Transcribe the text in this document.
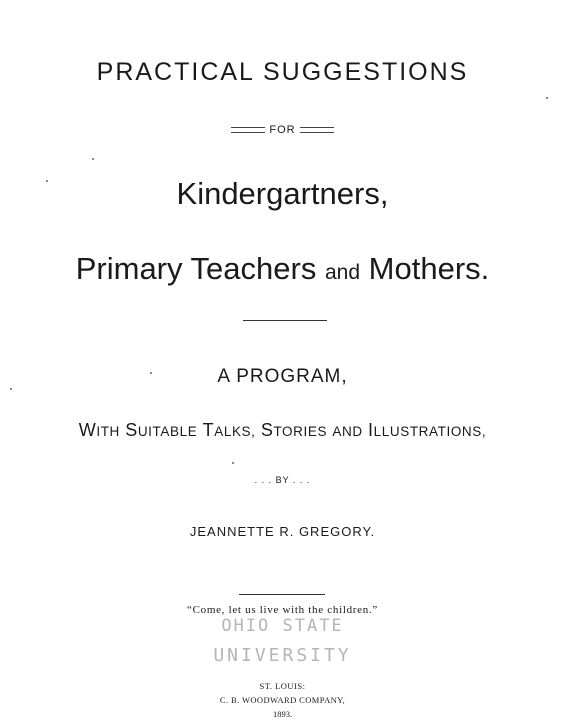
PRACTICAL SUGGESTIONS
FOR
Kindergartners,
Primary Teachers and Mothers.
A PROGRAM,
WITH SUITABLE TALKS, STORIES AND ILLUSTRATIONS,
. . . BY . . .
JEANNETTE R. GREGORY.
“Come, let us live with the children.”
OHIO STATE
UNIVERSITY
ST. LOUIS:
C. B. WOODWARD COMPANY,
1893.
